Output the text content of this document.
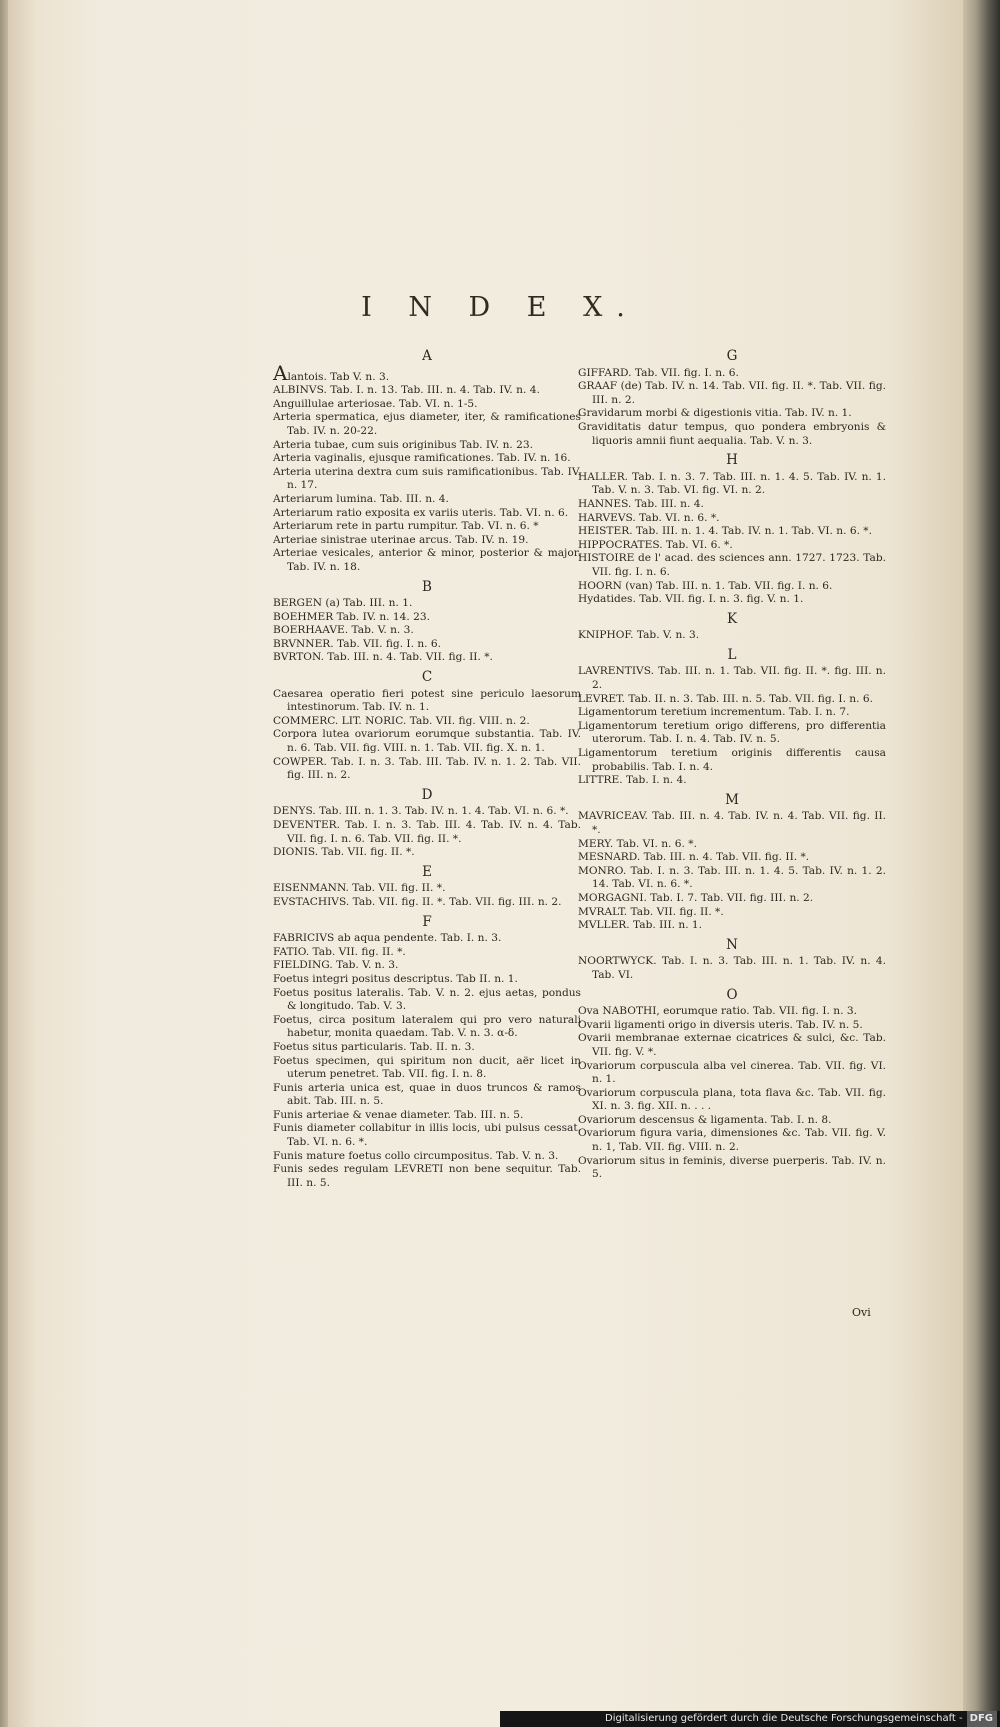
I N D E X.
A
Alantois. Tab V. n. 3.
ALBINVS. Tab. I. n. 13. Tab. III. n. 4. Tab. IV. n. 4.
Anguillulae arteriosae. Tab. VI. n. 1-5.
Arteria spermatica, ejus diameter, iter, & ramificationes Tab. IV. n. 20-22.
Arteria tubae, cum suis originibus Tab. IV. n. 23.
Arteria vaginalis, ejusque ramificationes. Tab. IV. n. 16.
Arteria uterina dextra cum suis ramificationibus. Tab. IV. n. 17.
Arteriarum lumina. Tab. III. n. 4.
Arteriarum ratio exposita ex variis uteris. Tab. VI. n. 6.
Arteriarum rete in partu rumpitur. Tab. VI. n. 6. *
Arteriae sinistrae uterinae arcus. Tab. IV. n. 19.
Arteriae vesicales, anterior & minor, posterior & major. Tab. IV. n. 18.
B
BERGEN (a) Tab. III. n. 1.
BOEHMER Tab. IV. n. 14. 23.
BOERHAAVE. Tab. V. n. 3.
BRVNNER. Tab. VII. fig. I. n. 6.
BVRTON. Tab. III. n. 4. Tab. VII. fig. II. *.
C
Caesarea operatio fieri potest sine periculo laesorum intestinorum. Tab. IV. n. 1.
COMMERC. LIT. NORIC. Tab. VII. fig. VIII. n. 2.
Corpora lutea ovariorum eorumque substantia. Tab. IV. n. 6. Tab. VII. fig. VIII. n. 1. Tab. VII. fig. X. n. 1.
COWPER. Tab. I. n. 3. Tab. III. Tab. IV. n. 1. 2. Tab. VII. fig. III. n. 2.
D
DENYS. Tab. III. n. 1. 3. Tab. IV. n. 1. 4. Tab. VI. n. 6. *.
DEVENTER. Tab. I. n. 3. Tab. III. 4. Tab. IV. n. 4. Tab. VII. fig. I. n. 6. Tab. VII. fig. II. *.
DIONIS. Tab. VII. fig. II. *.
E
EISENMANN. Tab. VII. fig. II. *.
EVSTACHIVS. Tab. VII. fig. II. *. Tab. VII. fig. III. n. 2.
F
FABRICIVS ab aqua pendente. Tab. I. n. 3.
FATIO. Tab. VII. fig. II. *.
FIELDING. Tab. V. n. 3.
Foetus integri positus descriptus. Tab II. n. 1.
Foetus positus lateralis. Tab. V. n. 2. ejus aetas, pondus & longitudo. Tab. V. 3.
Foetus, circa positum lateralem qui pro vero naturali habetur, monita quaedam. Tab. V. n. 3. α-δ.
Foetus situs particularis. Tab. II. n. 3.
Foetus specimen, qui spiritum non ducit, aër licet in uterum penetret. Tab. VII. fig. I. n. 8.
Funis arteria unica est, quae in duos truncos & ramos abit. Tab. III. n. 5.
Funis arteriae & venae diameter. Tab. III. n. 5.
Funis diameter collabitur in illis locis, ubi pulsus cessat. Tab. VI. n. 6. *.
Funis mature foetus collo circumpositus. Tab. V. n. 3.
Funis sedes regulam LEVRETI non bene sequitur. Tab. III. n. 5.
G
GIFFARD. Tab. VII. fig. I. n. 6.
GRAAF (de) Tab. IV. n. 14. Tab. VII. fig. II. *. Tab. VII. fig. III. n. 2.
Gravidarum morbi & digestionis vitia. Tab. IV. n. 1.
Graviditatis datur tempus, quo pondera embryonis & liquoris amnii fiunt aequalia. Tab. V. n. 3.
H
HALLER. Tab. I. n. 3. 7. Tab. III. n. 1. 4. 5. Tab. IV. n. 1. Tab. V. n. 3. Tab. VI. fig. VI. n. 2.
HANNES. Tab. III. n. 4.
HARVEVS. Tab. VI. n. 6. *.
HEISTER. Tab. III. n. 1. 4. Tab. IV. n. 1. Tab. VI. n. 6. *.
HIPPOCRATES. Tab. VI. 6. *.
HISTOIRE de l' acad. des sciences ann. 1727. 1723. Tab. VII. fig. I. n. 6.
HOORN (van) Tab. III. n. 1. Tab. VII. fig. I. n. 6.
Hydatides. Tab. VII. fig. I. n. 3. fig. V. n. 1.
K
KNIPHOF. Tab. V. n. 3.
L
LAVRENTIVS. Tab. III. n. 1. Tab. VII. fig. II. *. fig. III. n. 2.
LEVRET. Tab. II. n. 3. Tab. III. n. 5. Tab. VII. fig. I. n. 6.
Ligamentorum teretium incrementum. Tab. I. n. 7.
Ligamentorum teretium origo differens, pro differentia uterorum. Tab. I. n. 4. Tab. IV. n. 5.
Ligamentorum teretium originis differentis causa probabilis. Tab. I. n. 4.
LITTRE. Tab. I. n. 4.
M
MAVRICEAV. Tab. III. n. 4. Tab. IV. n. 4. Tab. VII. fig. II. *.
MERY. Tab. VI. n. 6. *.
MESNARD. Tab. III. n. 4. Tab. VII. fig. II. *.
MONRO. Tab. I. n. 3. Tab. III. n. 1. 4. 5. Tab. IV. n. 1. 2. 14. Tab. VI. n. 6. *.
MORGAGNI. Tab. I. 7. Tab. VII. fig. III. n. 2.
MVRALT. Tab. VII. fig. II. *.
MVLLER. Tab. III. n. 1.
N
NOORTWYCK. Tab. I. n. 3. Tab. III. n. 1. Tab. IV. n. 4. Tab. VI.
O
Ova NABOTHI, eorumque ratio. Tab. VII. fig. I. n. 3.
Ovarii ligamenti origo in diversis uteris. Tab. IV. n. 5.
Ovarii membranae externae cicatrices & sulci, &c. Tab. VII. fig. V. *.
Ovariorum corpuscula alba vel cinerea. Tab. VII. fig. VI. n. 1.
Ovariorum corpuscula plana, tota flava &c. Tab. VII. fig. XI. n. 3. fig. XII. n. . . .
Ovariorum descensus & ligamenta. Tab. I. n. 8.
Ovariorum figura varia, dimensiones &c. Tab. VII. fig. V. n. 1, Tab. VII. fig. VIII. n. 2.
Ovariorum situs in feminis, diverse puerperis. Tab. IV. n. 5.
Ovi
Digitalisierung gefördert durch die Deutsche Forschungsgemeinschaft - DFG
